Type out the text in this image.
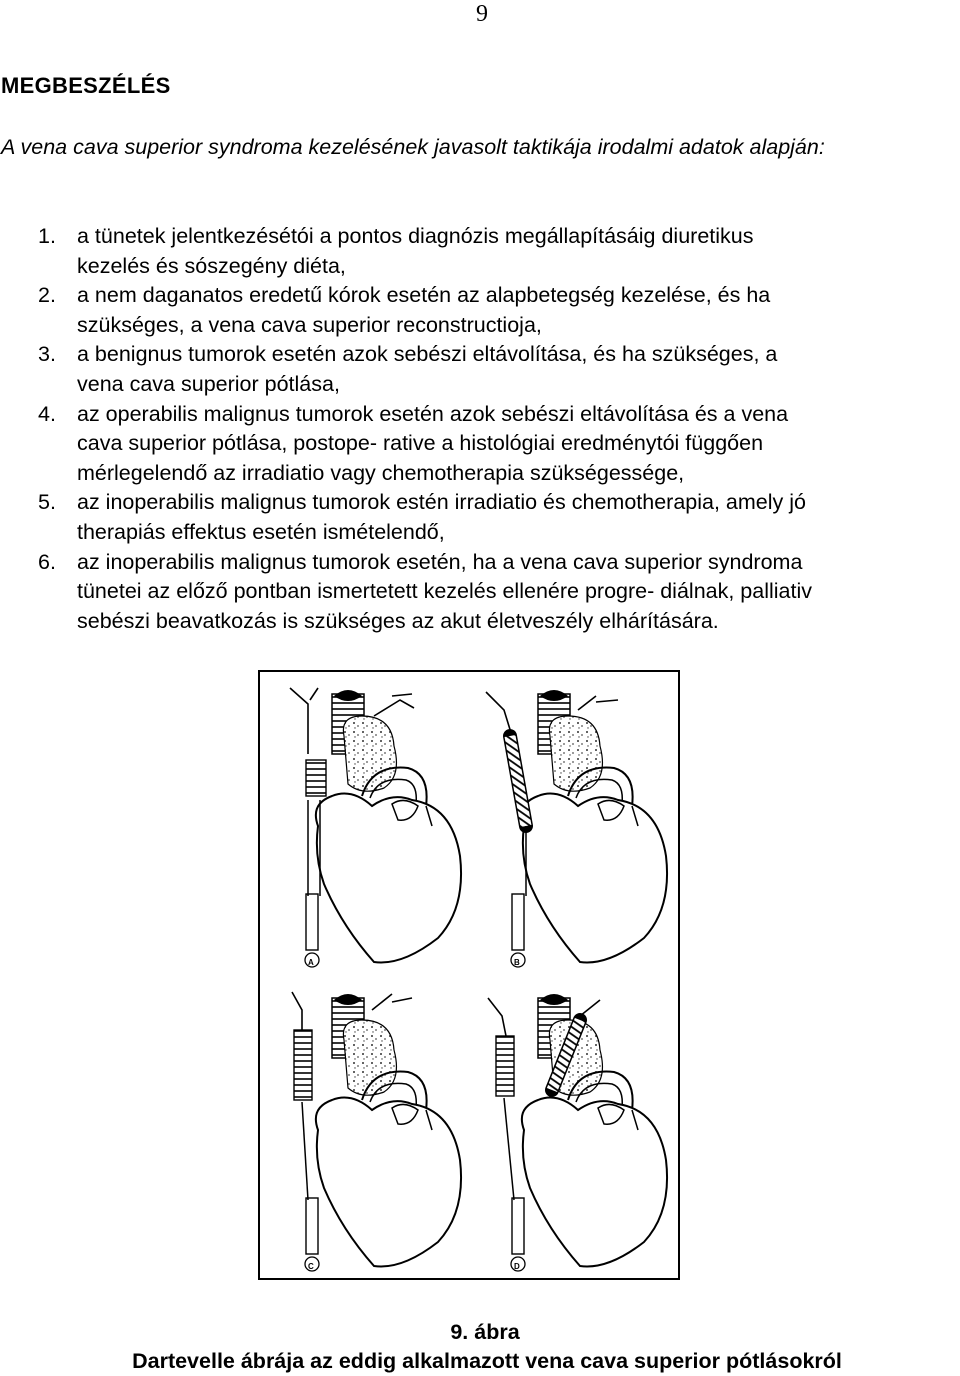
9
MEGBESZÉLÉS
A vena cava superior syndroma kezelésének javasolt taktikája irodalmi adatok alapján:
1. a tünetek jelentkezésétói a pontos diagnózis megállapításáig diuretikus
kezelés és sószegény diéta,
2. a nem daganatos eredetű kórok esetén az alapbetegség kezelése, és ha
szükséges, a vena cava superior reconstructioja,
3. a benignus tumorok esetén azok sebészi eltávolítása, és ha szükséges, a
vena cava superior pótlása,
4. az operabilis malignus tumorok esetén azok sebészi eltávolítása és a vena
cava superior pótlása, postope- rative a histológiai eredménytói függően
mérlegelendő az irradiatio vagy chemotherapia szükségessége,
5. az inoperabilis malignus tumorok estén irradiatio és chemotherapia, amely jó
therapiás effektus esetén ismételendő,
6. az inoperabilis malignus tumorok esetén, ha a vena cava superior syndroma
tünetei az előző pontban ismertetett kezelés ellenére progre- diálnak, palliativ
sebészi beavatkozás is szükséges az akut életveszély elhárítására.
A	B
C	D
9. ábra
Dartevelle ábrája az eddig alkalmazott vena cava superior pótlásokról
